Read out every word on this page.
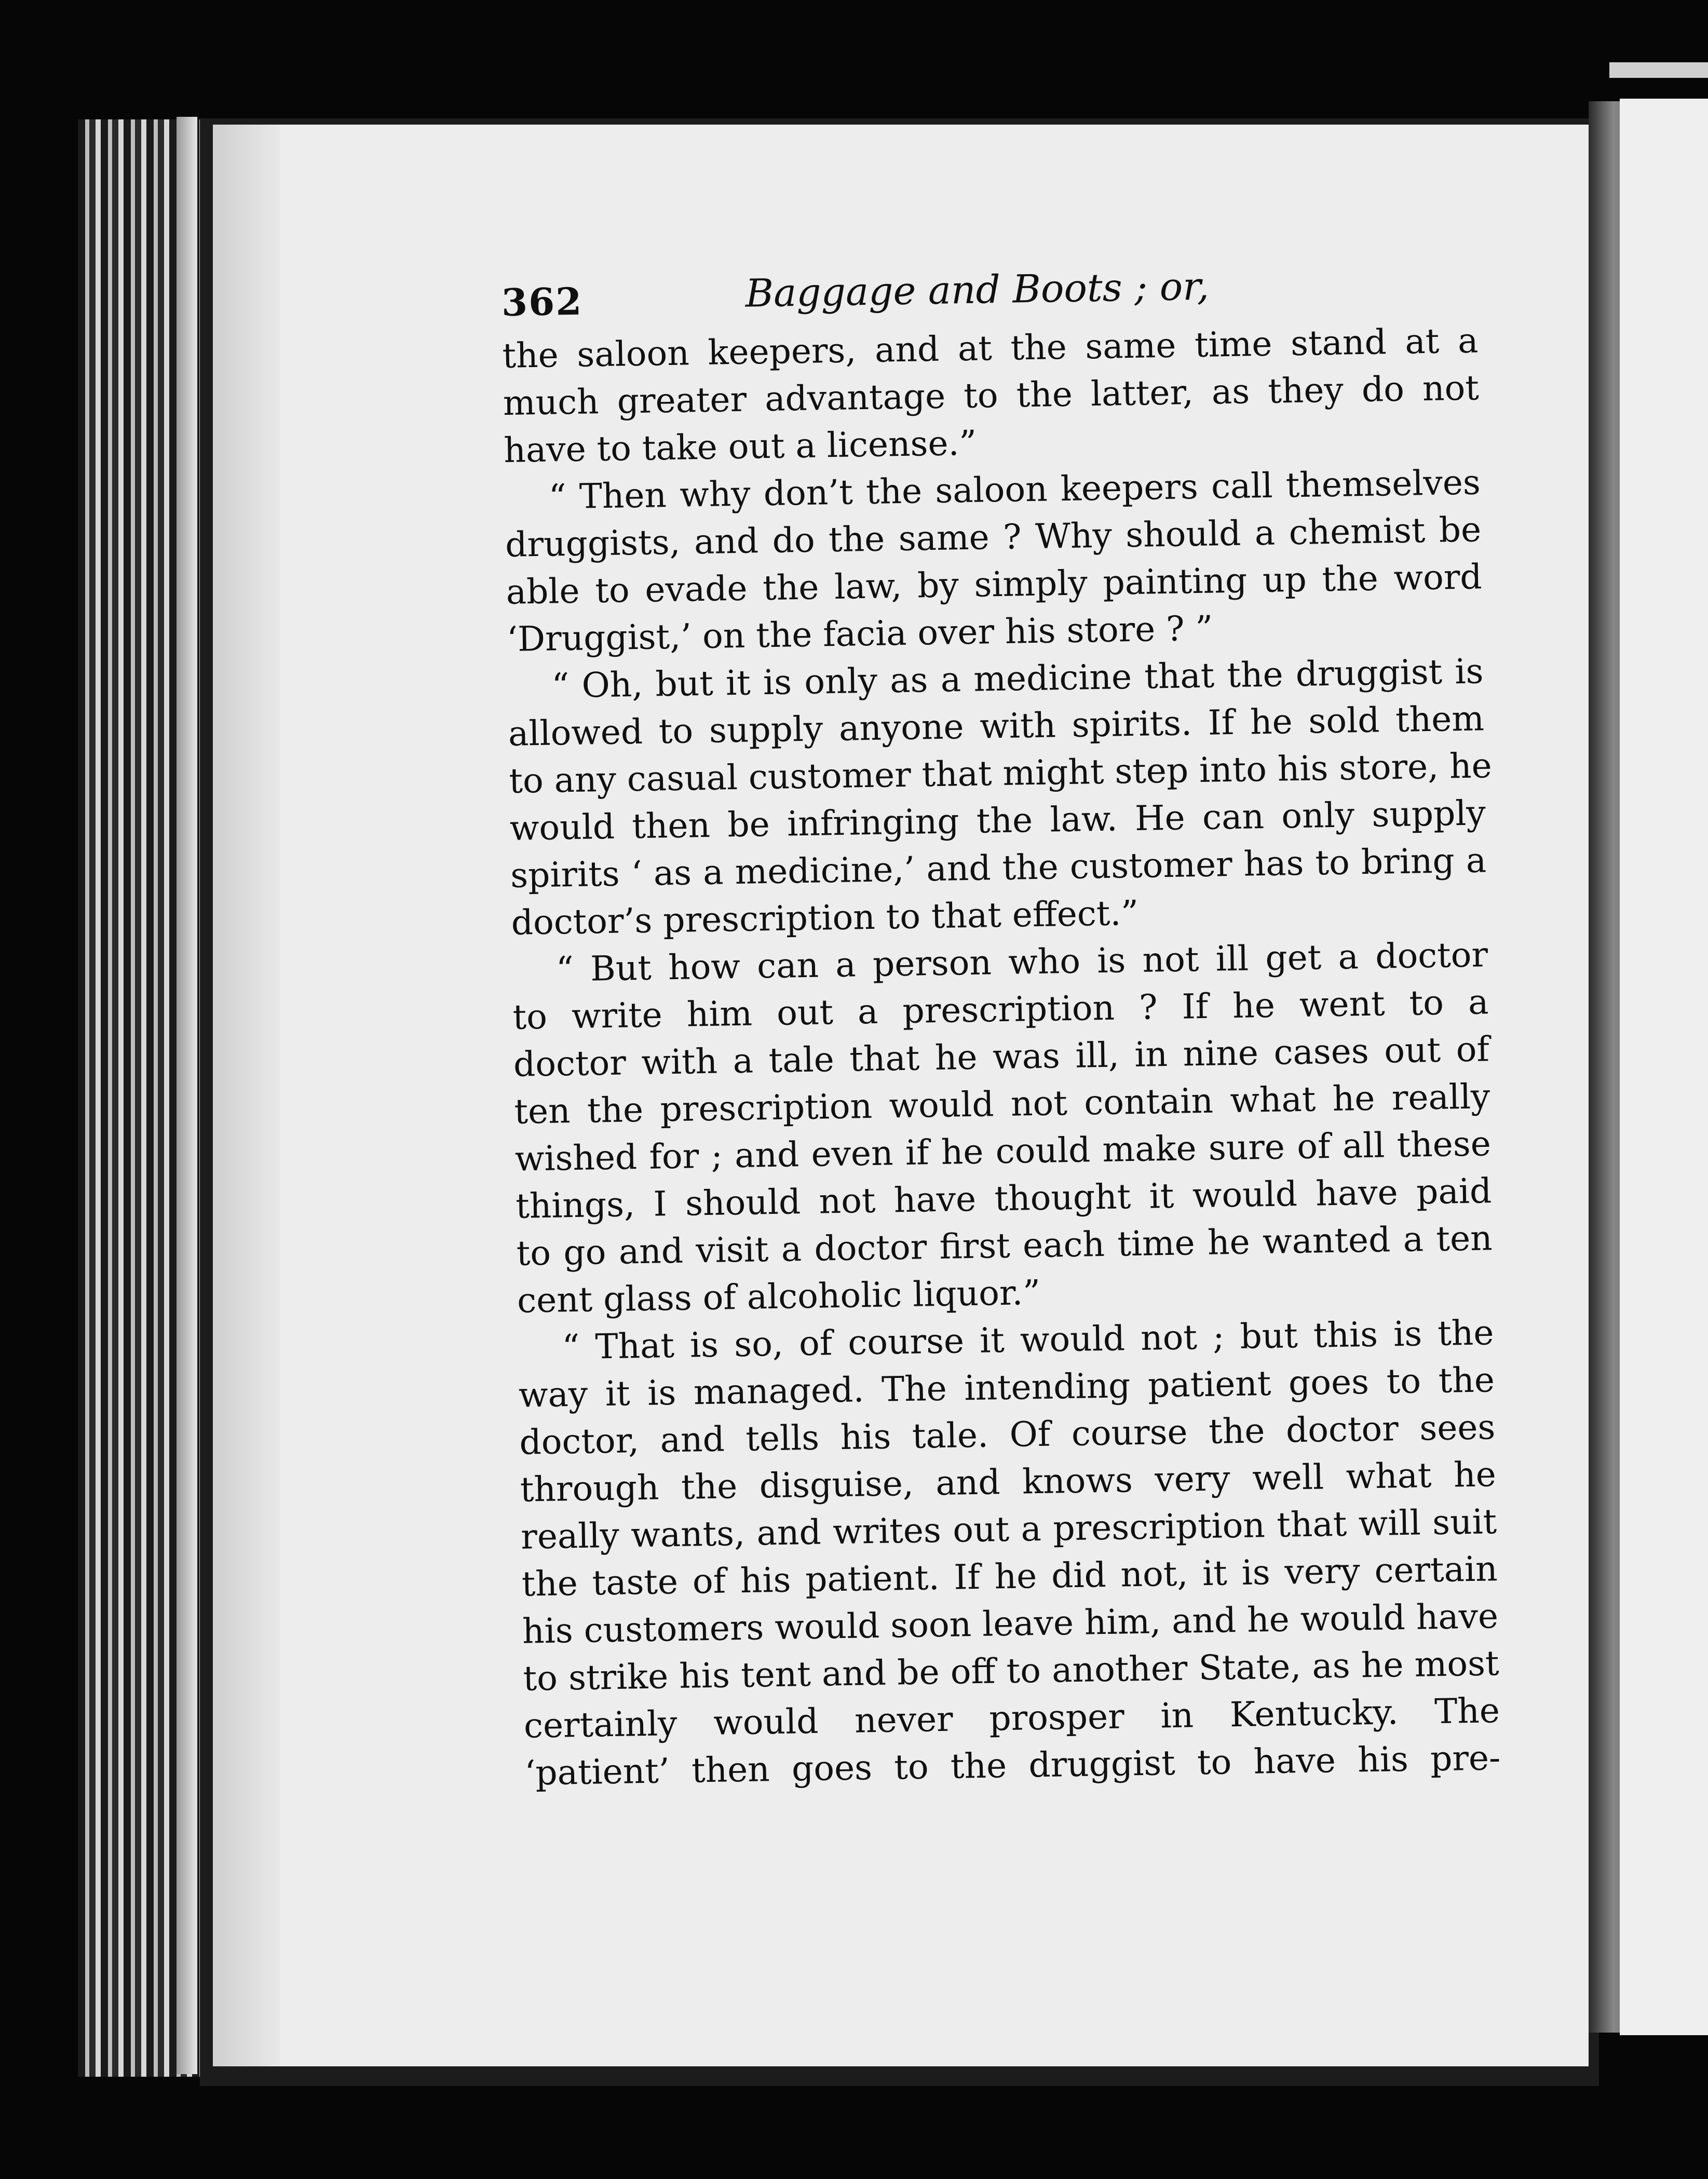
362	Baggage and Boots ; or,
the saloon keepers, and at the same time stand at a
much greater advantage to the latter, as they do not
have to take out a license.”
“ Then why don’t the saloon keepers call themselves
druggists, and do the same ? Why should a chemist be
able to evade the law, by simply painting up the word
‘Druggist,’ on the facia over his store ? ”
“ Oh, but it is only as a medicine that the druggist is
allowed to supply anyone with spirits. If he sold them
to any casual customer that might step into his store, he
would then be infringing the law. He can only supply
spirits ‘ as a medicine,’ and the customer has to bring a
doctor’s prescription to that effect.”
“ But how can a person who is not ill get a doctor
to write him out a prescription ? If he went to a
doctor with a tale that he was ill, in nine cases out of
ten the prescription would not contain what he really
wished for ; and even if he could make sure of all these
things, I should not have thought it would have paid
to go and visit a doctor first each time he wanted a ten
cent glass of alcoholic liquor.”
“ That is so, of course it would not ; but this is the
way it is managed. The intending patient goes to the
doctor, and tells his tale. Of course the doctor sees
through the disguise, and knows very well what he
really wants, and writes out a prescription that will suit
the taste of his patient. If he did not, it is very certain
his customers would soon leave him, and he would have
to strike his tent and be off to another State, as he most
certainly would never prosper in Kentucky. The
‘patient’ then goes to the druggist to have his pre-
